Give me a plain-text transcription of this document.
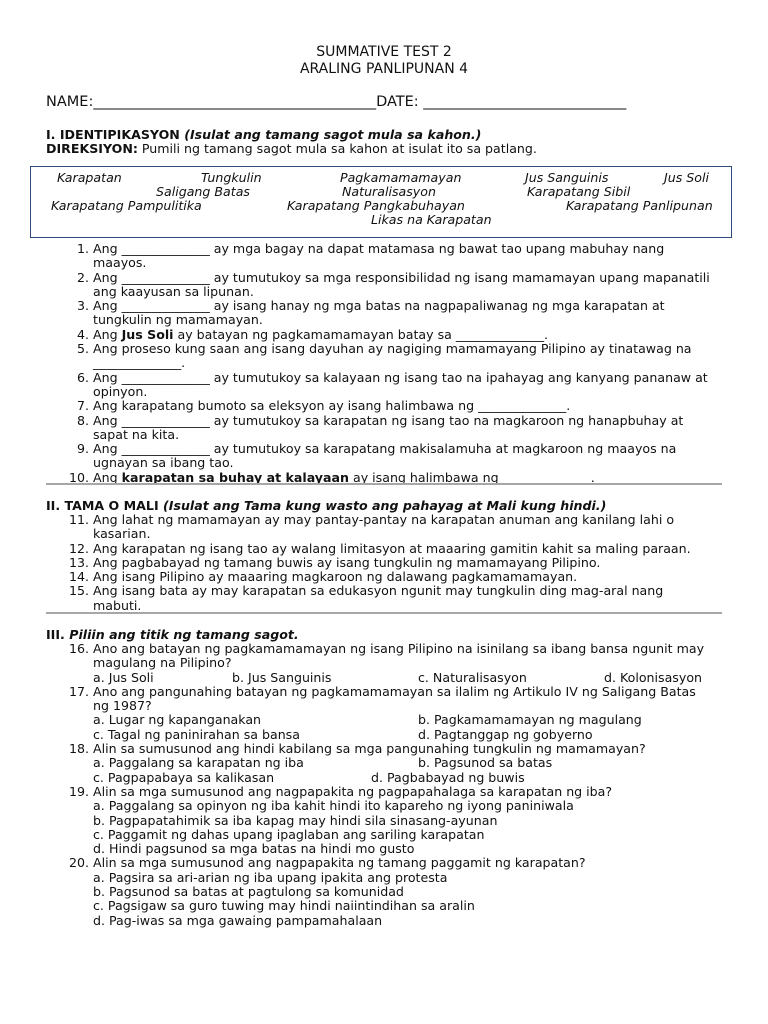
SUMMATIVE TEST 2
ARALING PANLIPUNAN 4
NAME:_______________________________________DATE: ____________________________
I. IDENTIPIKASYON (Isulat ang tamang sagot mula sa kahon.)
DIREKSIYON: Pumili ng tamang sagot mula sa kahon at isulat ito sa patlang.
Karapatan	Tungkulin	Pagkamamamayan	Jus Sanguinis	Jus Soli
Saligang Batas	Naturalisasyon	Karapatang Sibil
Karapatang Pampulitika	Karapatang Pangkabuhayan	Karapatang Panlipunan
Likas na Karapatan
1. Ang ______________ ay mga bagay na dapat matamasa ng bawat tao upang mabuhay nang maayos.
2. Ang ______________ ay tumutukoy sa mga responsibilidad ng isang mamamayan upang mapanatili ang kaayusan sa lipunan.
3. Ang ______________ ay isang hanay ng mga batas na nagpapaliwanag ng mga karapatan at tungkulin ng mamamayan.
4. Ang Jus Soli ay batayan ng pagkamamamayan batay sa ______________.
5. Ang proseso kung saan ang isang dayuhan ay nagiging mamamayang Pilipino ay tinatawag na ______________.
6. Ang ______________ ay tumutukoy sa kalayaan ng isang tao na ipahayag ang kanyang pananaw at opinyon.
7. Ang karapatang bumoto sa eleksyon ay isang halimbawa ng ______________.
8. Ang ______________ ay tumutukoy sa karapatan ng isang tao na magkaroon ng hanapbuhay at sapat na kita.
9. Ang ______________ ay tumutukoy sa karapatang makisalamuha at magkaroon ng maayos na ugnayan sa ibang tao.
10. Ang karapatan sa buhay at kalayaan ay isang halimbawa ng ______________.
II. TAMA O MALI (Isulat ang Tama kung wasto ang pahayag at Mali kung hindi.)
11. Ang lahat ng mamamayan ay may pantay-pantay na karapatan anuman ang kanilang lahi o kasarian.
12. Ang karapatan ng isang tao ay walang limitasyon at maaaring gamitin kahit sa maling paraan.
13. Ang pagbabayad ng tamang buwis ay isang tungkulin ng mamamayang Pilipino.
14. Ang isang Pilipino ay maaaring magkaroon ng dalawang pagkamamamayan.
15. Ang isang bata ay may karapatan sa edukasyon ngunit may tungkulin ding mag-aral nang mabuti.
III. Piliin ang titik ng tamang sagot.
16. Ano ang batayan ng pagkamamamayan ng isang Pilipino na isinilang sa ibang bansa ngunit may magulang na Pilipino?
a. Jus Soli	b. Jus Sanguinis	c. Naturalisasyon	d. Kolonisasyon
17. Ano ang pangunahing batayan ng pagkamamamayan sa ilalim ng Artikulo IV ng Saligang Batas ng 1987?
a. Lugar ng kapanganakan	b. Pagkamamamayan ng magulang
c. Tagal ng paninirahan sa bansa	d. Pagtanggap ng gobyerno
18. Alin sa sumusunod ang hindi kabilang sa mga pangunahing tungkulin ng mamamayan?
a. Paggalang sa karapatan ng iba	b. Pagsunod sa batas
c. Pagpapabaya sa kalikasan	d. Pagbabayad ng buwis
19. Alin sa mga sumusunod ang nagpapakita ng pagpapahalaga sa karapatan ng iba?
a. Paggalang sa opinyon ng iba kahit hindi ito kapareho ng iyong paniniwala
b. Pagpapatahimik sa iba kapag may hindi sila sinasang-ayunan
c. Paggamit ng dahas upang ipaglaban ang sariling karapatan
d. Hindi pagsunod sa mga batas na hindi mo gusto
20. Alin sa mga sumusunod ang nagpapakita ng tamang paggamit ng karapatan?
a. Pagsira sa ari-arian ng iba upang ipakita ang protesta
b. Pagsunod sa batas at pagtulong sa komunidad
c. Pagsigaw sa guro tuwing may hindi naiintindihan sa aralin
d. Pag-iwas sa mga gawaing pampamahalaan
